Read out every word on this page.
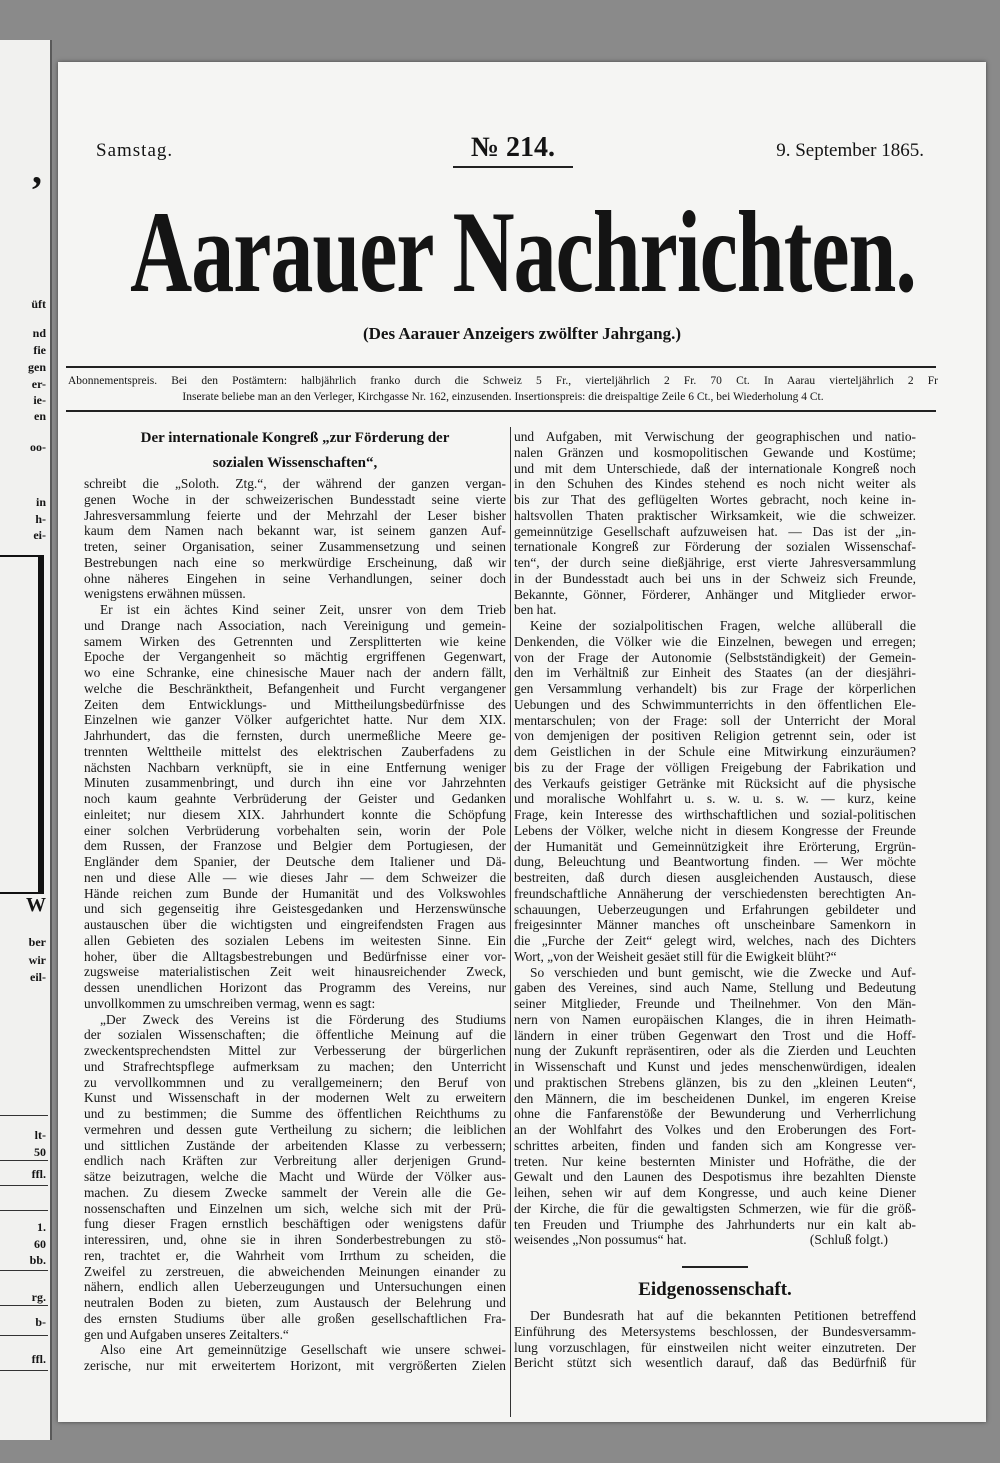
,
üft
nd
fie
gen
er-
ie-
en
oo-
in
h-
ei-
W
ber
wir
eil-
lt-
50
ffl.
1.
60
bb.
rg.
b-
ffl.
Samstag.	№ 214.	9. September 1865.
Aarauer Nachrichten.
(Des Aarauer Anzeigers zwölfter Jahrgang.)
Abonnementspreis. Bei den Postämtern: halbjährlich franko durch die Schweiz 5 Fr., vierteljährlich 2 Fr. 70 Ct. In Aarau vierteljährlich 2 Fr
Inserate beliebe man an den Verleger, Kirchgasse Nr. 162, einzusenden. Insertionspreis: die dreispaltige Zeile 6 Ct., bei Wiederholung 4 Ct.
Der internationale Kongreß „zur Förderung der
sozialen Wissenschaften“,
schreibt die „Soloth. Ztg.“, der während der ganzen vergan-
genen Woche in der schweizerischen Bundesstadt seine vierte
Jahresversammlung feierte und der Mehrzahl der Leser bisher
kaum dem Namen nach bekannt war, ist seinem ganzen Auf-
treten, seiner Organisation, seiner Zusammensetzung und seinen
Bestrebungen nach eine so merkwürdige Erscheinung, daß wir
ohne näheres Eingehen in seine Verhandlungen, seiner doch
wenigstens erwähnen müssen.
Er ist ein ächtes Kind seiner Zeit, unsrer von dem Trieb
und Drange nach Association, nach Vereinigung und gemein-
samem Wirken des Getrennten und Zersplitterten wie keine
Epoche der Vergangenheit so mächtig ergriffenen Gegenwart,
wo eine Schranke, eine chinesische Mauer nach der andern fällt,
welche die Beschränktheit, Befangenheit und Furcht vergangener
Zeiten dem Entwicklungs- und Mittheilungsbedürfnisse des
Einzelnen wie ganzer Völker aufgerichtet hatte. Nur dem XIX.
Jahrhundert, das die fernsten, durch unermeßliche Meere ge-
trennten Welttheile mittelst des elektrischen Zauberfadens zu
nächsten Nachbarn verknüpft, sie in eine Entfernung weniger
Minuten zusammenbringt, und durch ihn eine vor Jahrzehnten
noch kaum geahnte Verbrüderung der Geister und Gedanken
einleitet; nur diesem XIX. Jahrhundert konnte die Schöpfung
einer solchen Verbrüderung vorbehalten sein, worin der Pole
dem Russen, der Franzose und Belgier dem Portugiesen, der
Engländer dem Spanier, der Deutsche dem Italiener und Dä-
nen und diese Alle — wie dieses Jahr — dem Schweizer die
Hände reichen zum Bunde der Humanität und des Volkswohles
und sich gegenseitig ihre Geistesgedanken und Herzenswünsche
austauschen über die wichtigsten und eingreifendsten Fragen aus
allen Gebieten des sozialen Lebens im weitesten Sinne. Ein
hoher, über die Alltagsbestrebungen und Bedürfnisse einer vor-
zugsweise materialistischen Zeit weit hinausreichender Zweck,
dessen unendlichen Horizont das Programm des Vereins, nur
unvollkommen zu umschreiben vermag, wenn es sagt:
„Der Zweck des Vereins ist die Förderung des Studiums
der sozialen Wissenschaften; die öffentliche Meinung auf die
zweckentsprechendsten Mittel zur Verbesserung der bürgerlichen
und Strafrechtspflege aufmerksam zu machen; den Unterricht
zu vervollkommnen und zu verallgemeinern; den Beruf von
Kunst und Wissenschaft in der modernen Welt zu erweitern
und zu bestimmen; die Summe des öffentlichen Reichthums zu
vermehren und dessen gute Vertheilung zu sichern; die leiblichen
und sittlichen Zustände der arbeitenden Klasse zu verbessern;
endlich nach Kräften zur Verbreitung aller derjenigen Grund-
sätze beizutragen, welche die Macht und Würde der Völker aus-
machen. Zu diesem Zwecke sammelt der Verein alle die Ge-
nossenschaften und Einzelnen um sich, welche sich mit der Prü-
fung dieser Fragen ernstlich beschäftigen oder wenigstens dafür
interessiren, und, ohne sie in ihren Sonderbestrebungen zu stö-
ren, trachtet er, die Wahrheit vom Irrthum zu scheiden, die
Zweifel zu zerstreuen, die abweichenden Meinungen einander zu
nähern, endlich allen Ueberzeugungen und Untersuchungen einen
neutralen Boden zu bieten, zum Austausch der Belehrung und
des ernsten Studiums über alle großen gesellschaftlichen Fra-
gen und Aufgaben unseres Zeitalters.“
Also eine Art gemeinnützige Gesellschaft wie unsere schwei-
zerische, nur mit erweitertem Horizont, mit vergrößerten Zielen
und Aufgaben, mit Verwischung der geographischen und natio-
nalen Gränzen und kosmopolitischen Gewande und Kostüme;
und mit dem Unterschiede, daß der internationale Kongreß noch
in den Schuhen des Kindes stehend es noch nicht weiter als
bis zur That des geflügelten Wortes gebracht, noch keine in-
haltsvollen Thaten praktischer Wirksamkeit, wie die schweizer.
gemeinnützige Gesellschaft aufzuweisen hat. — Das ist der „in-
ternationale Kongreß zur Förderung der sozialen Wissenschaf-
ten“, der durch seine dießjährige, erst vierte Jahresversammlung
in der Bundesstadt auch bei uns in der Schweiz sich Freunde,
Bekannte, Gönner, Förderer, Anhänger und Mitglieder erwor-
ben hat.
Keine der sozialpolitischen Fragen, welche allüberall die
Denkenden, die Völker wie die Einzelnen, bewegen und erregen;
von der Frage der Autonomie (Selbstständigkeit) der Gemein-
den im Verhältniß zur Einheit des Staates (an der diesjähri-
gen Versammlung verhandelt) bis zur Frage der körperlichen
Uebungen und des Schwimmunterrichts in den öffentlichen Ele-
mentarschulen; von der Frage: soll der Unterricht der Moral
von demjenigen der positiven Religion getrennt sein, oder ist
dem Geistlichen in der Schule eine Mitwirkung einzuräumen?
bis zu der Frage der völligen Freigebung der Fabrikation und
des Verkaufs geistiger Getränke mit Rücksicht auf die physische
und moralische Wohlfahrt u. s. w. u. s. w. — kurz, keine
Frage, kein Interesse des wirthschaftlichen und sozial-politischen
Lebens der Völker, welche nicht in diesem Kongresse der Freunde
der Humanität und Gemeinnützigkeit ihre Erörterung, Ergrün-
dung, Beleuchtung und Beantwortung finden. — Wer möchte
bestreiten, daß durch diesen ausgleichenden Austausch, diese
freundschaftliche Annäherung der verschiedensten berechtigten An-
schauungen, Ueberzeugungen und Erfahrungen gebildeter und
freigesinnter Männer manches oft unscheinbare Samenkorn in
die „Furche der Zeit“ gelegt wird, welches, nach des Dichters
Wort, „von der Weisheit gesäet still für die Ewigkeit blüht?“
So verschieden und bunt gemischt, wie die Zwecke und Auf-
gaben des Vereines, sind auch Name, Stellung und Bedeutung
seiner Mitglieder, Freunde und Theilnehmer. Von den Män-
nern von Namen europäischen Klanges, die in ihren Heimath-
ländern in einer trüben Gegenwart den Trost und die Hoff-
nung der Zukunft repräsentiren, oder als die Zierden und Leuchten
in Wissenschaft und Kunst und jedes menschenwürdigen, idealen
und praktischen Strebens glänzen, bis zu den „kleinen Leuten“,
den Männern, die im bescheidenen Dunkel, im engeren Kreise
ohne die Fanfarenstöße der Bewunderung und Verherrlichung
an der Wohlfahrt des Volkes und den Eroberungen des Fort-
schrittes arbeiten, finden und fanden sich am Kongresse ver-
treten. Nur keine besternten Minister und Hofräthe, die der
Gewalt und den Launen des Despotismus ihre bezahlten Dienste
leihen, sehen wir auf dem Kongresse, und auch keine Diener
der Kirche, die für die gewaltigsten Schmerzen, wie für die größ-
ten Freuden und Triumphe des Jahrhunderts nur ein kalt ab-
weisendes „Non possumus“ hat.	(Schluß folgt.)
Eidgenossenschaft.
Der Bundesrath hat auf die bekannten Petitionen betreffend
Einführung des Metersystems beschlossen, der Bundesversamm-
lung vorzuschlagen, für einstweilen nicht weiter einzutreten. Der
Bericht stützt sich wesentlich darauf, daß das Bedürfniß für
